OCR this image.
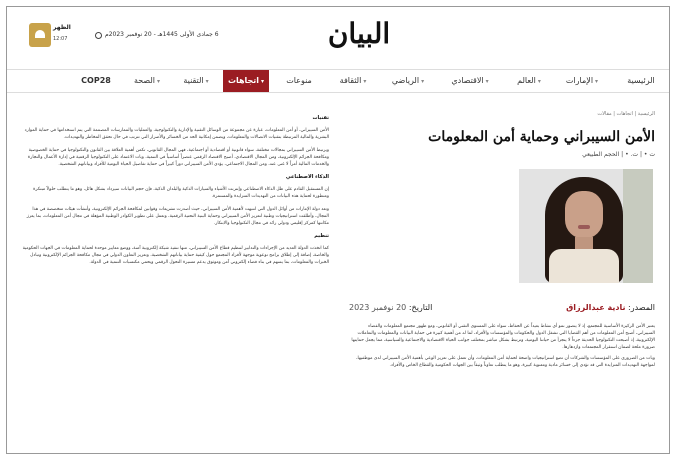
الظهر
12:07
6 جمادى الأولى 1445هـ - 20 نوفمبر 2023م	البيان
الرئيسية
الإمارات ▾
العالم ▾
الاقتصادي ▾
الرياضي ▾
الثقافة ▾
منوعات
اتجاهات ▾
التقنية ▾
الصحة ▾
COP28
الرئيسية | اتجاهات | مقالات
الأمن السيبراني وحماية أمن المعلومات
ت • | ت. • | الحجم الطبيعي
المصدر: نادية عبدالرزاق
التاريخ: 20 نوفمبر 2023

يعتبر الأمن الركيزة الأساسية للمجتمع، إذ لا يتصور نمو أي نشاط بعيداً عن الحفاظ، سواء على المستوى التقني أو القانوني، ومع ظهور مجتمع المعلومات والفضاء السيبراني، أصبح أمن المعلومات من أهم القضايا التي تشغل الدول والحكومات والمؤسسات والأفراد، لما له من أهمية كبيرة في حماية البيانات والمعلومات والتعاملات الإلكترونية، إذ أصبحت التكنولوجيا الحديثة جزءاً لا يتجزأ من حياتنا اليومية، وترتبط بشكل مباشر بمختلف جوانب الحياة الاقتصادية والاجتماعية والسياسية، مما يجعل حمايتها ضرورة ملحة لضمان استقرار المجتمعات وازدهارها.

وبات من الضروري على المؤسسات والشركات أن تضع استراتيجيات واضحة لحماية أمن المعلومات، وأن تعمل على تعزيز الوعي بأهمية الأمن السيبراني لدى موظفيها، لمواجهة التهديدات المتزايدة التي قد تؤدي إلى خسائر مادية ومعنوية كبيرة، وهو ما يتطلب تعاوناً وثيقاً بين الجهات الحكومية والقطاع الخاص والأفراد.

تقنيات

الأمن السيبراني، أو أمن المعلومات، عبارة عن مجموعة من الوسائل التقنية والإدارية والتكنولوجية، والعمليات والممارسات المصممة التي يتم استخدامها في حماية الموارد البشرية والمالية المرتبطة بتقنيات الاتصالات والمعلومات، ويضمن إمكانية الحد من الخسائر والأضرار التي تترتب في حال تحقق المخاطر والتهديدات.

ويرتبط الأمن السيبراني بمجالات مختلفة، سواء قانونية أو اقتصادية أو اجتماعية، فهي المجال القانوني، تكمن أهمية العلاقة بين القانون والتكنولوجيا في حماية الخصوصية ومكافحة الجرائم الإلكترونية، ومن المجال الاقتصادي، أصبح الاقتصاد الرقمي عنصراً أساسياً في التنمية، وبات الاعتماد على التكنولوجيا الرقمية في إدارة الأعمال والتجارة والخدمات المالية أمراً لا غنى عنه، ومن المجال الاجتماعي، يؤدي الأمن السيبراني دوراً كبيراً في حماية تفاصيل الحياة اليومية للأفراد وبياناتهم الشخصية.

الذكاء الاصطناعي

إن المستقبل القادم على ظل الذكاء الاصطناعي وإنترنت الأشياء والسيارات الذكية والبلدان الذكية، فإن حجم البيانات سيزداد بشكل هائل، وهو ما يتطلب حلولاً مبتكرة ومتطورة لحماية هذه البيانات من التهديدات المتزايدة والمستمرة.

وتعد دولة الإمارات من أوائل الدول التي انتبهت لأهمية الأمن السيبراني، حيث أصدرت تشريعات وقوانين لمكافحة الجرائم الإلكترونية، وأنشأت هيئات متخصصة في هذا المجال، وأطلقت استراتيجيات وطنية لتعزيز الأمن السيبراني وحماية البنية التحتية الرقمية، وتعمل على تطوير الكوادر الوطنية المؤهلة في مجال أمن المعلومات، بما يعزز مكانتها كمركز إقليمي ودولي رائد في مجال التكنولوجيا والابتكار.

تنظيم

كما اتخذت الدولة العديد من الإجراءات والتدابير لتنظيم قطاع الأمن السيبراني، منها تنفيذ شبكة إلكترونية آمنة، ووضع معايير موحدة لحماية المعلومات في الجهات الحكومية والخاصة، إضافة إلى إطلاق برامج توعوية موجهة لأفراد المجتمع حول كيفية حماية بياناتهم الشخصية، وتعزيز التعاون الدولي في مجال مكافحة الجرائم الإلكترونية وتبادل الخبرات والمعلومات، بما يسهم في بناء فضاء إلكتروني آمن وموثوق يدعم مسيرة التحول الرقمي ويحمي مكتسبات التنمية في الدولة.
